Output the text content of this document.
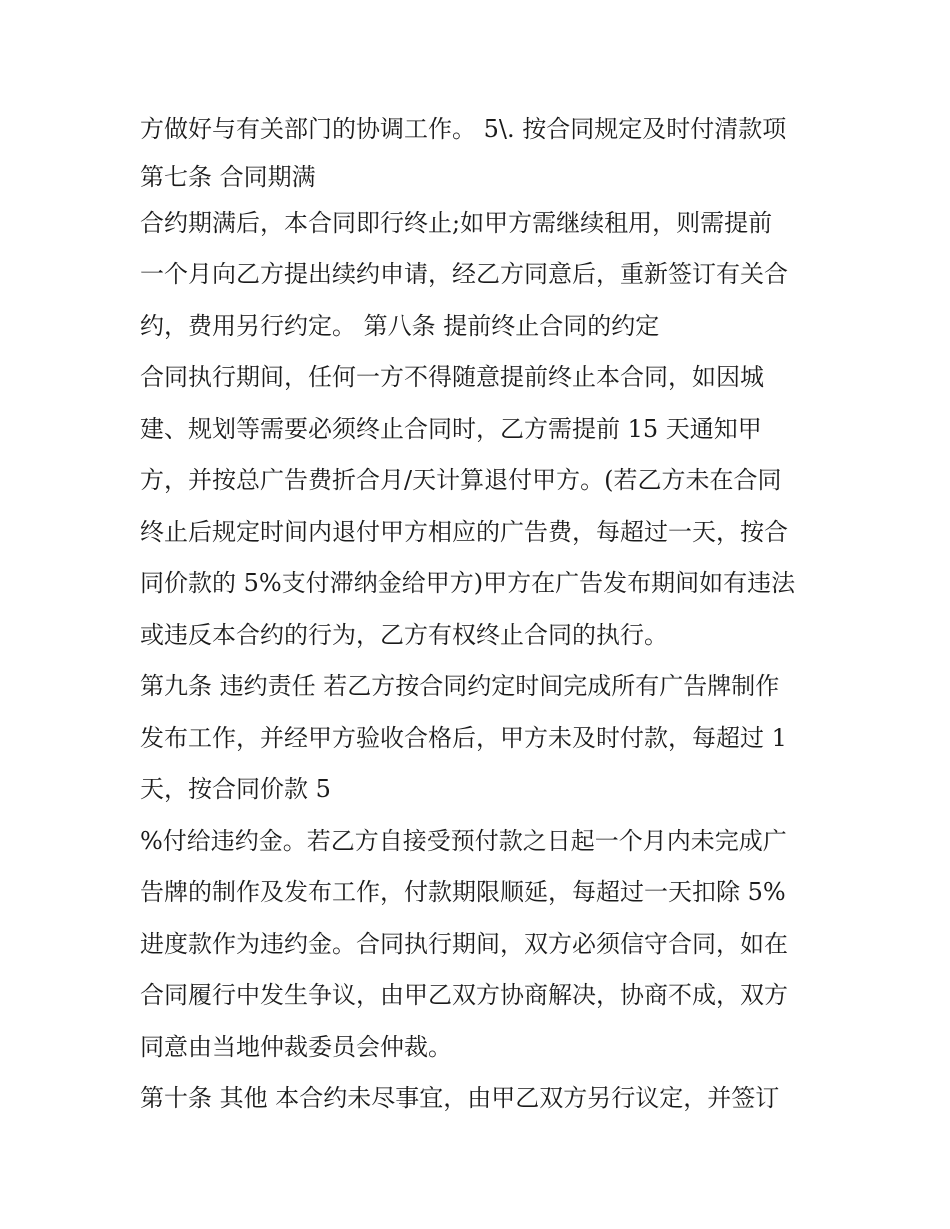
方做好与有关部门的协调工作。 5\. 按合同规定及时付清款项
第七条 合同期满
合约期满后，本合同即行终止;如甲方需继续租用，则需提前
一个月向乙方提出续约申请，经乙方同意后，重新签订有关合
约，费用另行约定。 第八条 提前终止合同的约定
合同执行期间，任何一方不得随意提前终止本合同，如因城
建、规划等需要必须终止合同时，乙方需提前 15 天通知甲
方，并按总广告费折合月/天计算退付甲方。(若乙方未在合同
终止后规定时间内退付甲方相应的广告费，每超过一天，按合
同价款的 5%支付滞纳金给甲方)甲方在广告发布期间如有违法
或违反本合约的行为，乙方有权终止合同的执行。
第九条 违约责任 若乙方按合同约定时间完成所有广告牌制作
发布工作，并经甲方验收合格后，甲方未及时付款，每超过 1
天，按合同价款 5
%付给违约金。若乙方自接受预付款之日起一个月内未完成广
告牌的制作及发布工作，付款期限顺延，每超过一天扣除 5%
进度款作为违约金。合同执行期间，双方必须信守合同，如在
合同履行中发生争议，由甲乙双方协商解决，协商不成，双方
同意由当地仲裁委员会仲裁。
第十条 其他 本合约未尽事宜，由甲乙双方另行议定，并签订
